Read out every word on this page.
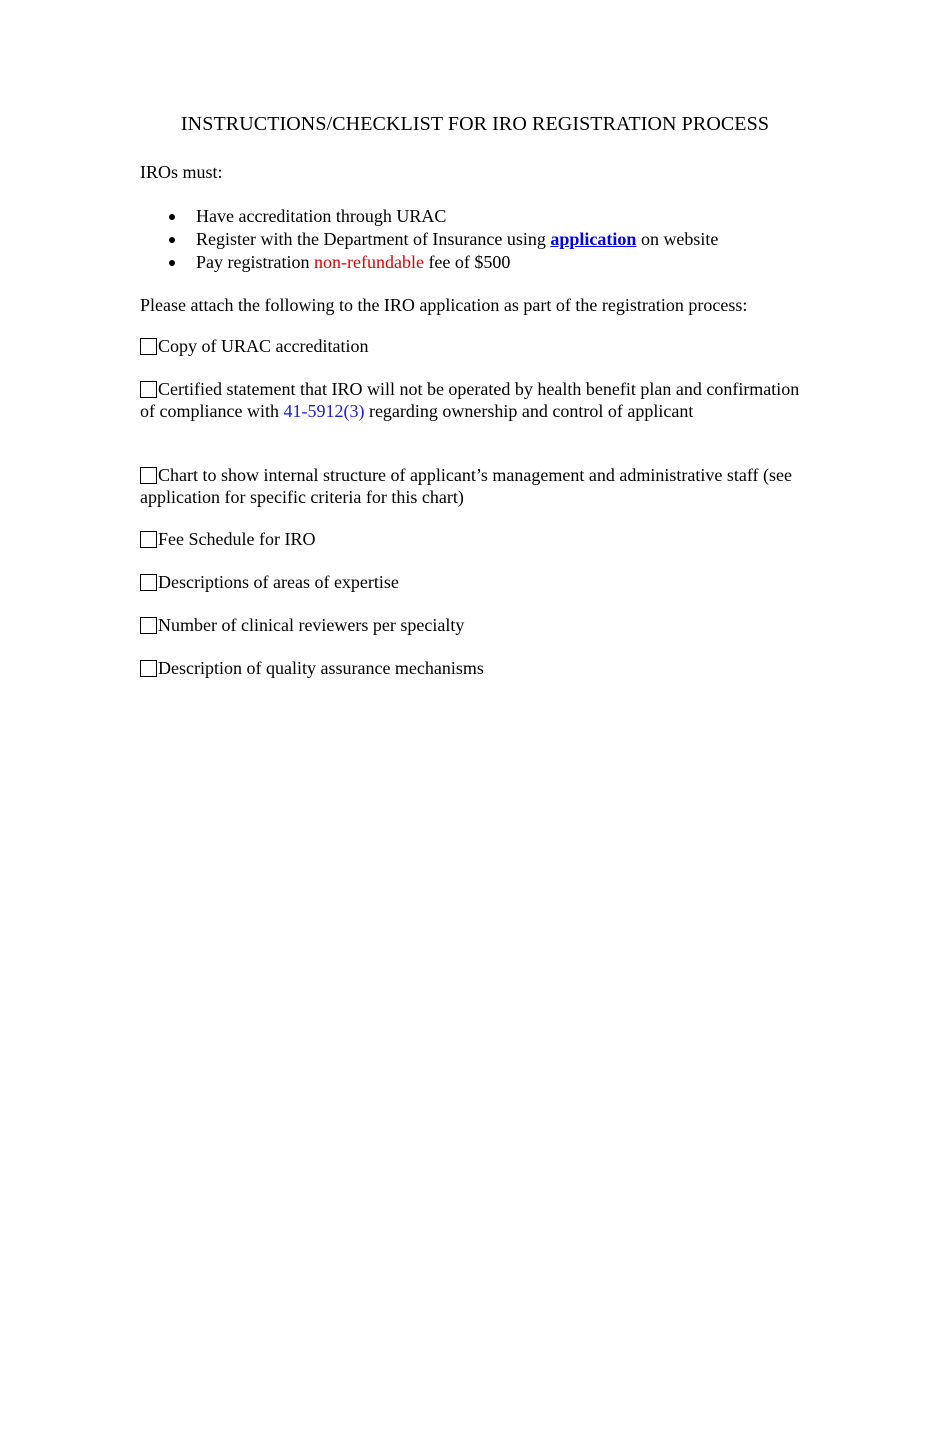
INSTRUCTIONS/CHECKLIST FOR IRO REGISTRATION PROCESS
IROs must:
Have accreditation through URAC
Register with the Department of Insurance using application on website
Pay registration non-refundable fee of $500
Please attach the following to the IRO application as part of the registration process:
Copy of URAC accreditation
Certified statement that IRO will not be operated by health benefit plan and confirmation of compliance with 41-5912(3) regarding ownership and control of applicant
Chart to show internal structure of applicant’s management and administrative staff (see application for specific criteria for this chart)
Fee Schedule for IRO
Descriptions of areas of expertise
Number of clinical reviewers per specialty
Description of quality assurance mechanisms
